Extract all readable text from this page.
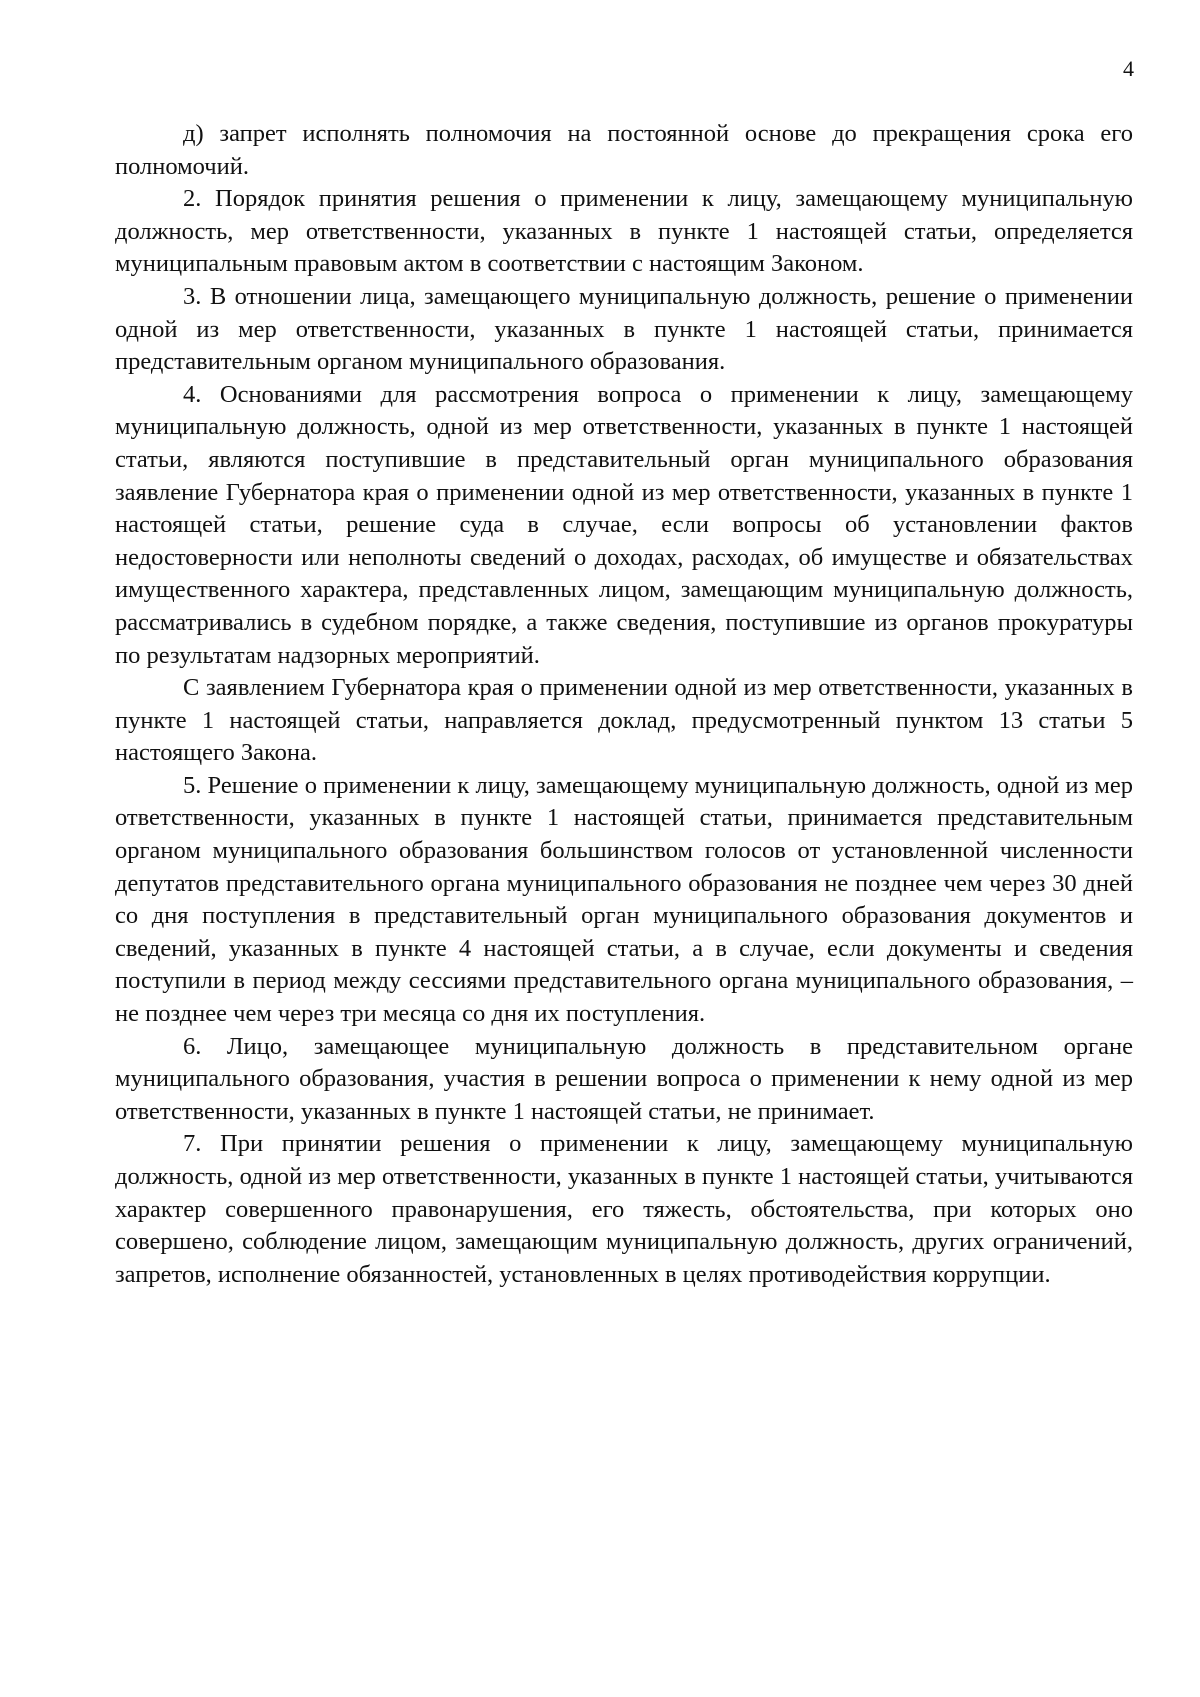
4

д) запрет исполнять полномочия на постоянной основе до прекращения срока его полномочий.

2. Порядок принятия решения о применении к лицу, замещающему муниципальную должность, мер ответственности, указанных в пункте 1 настоящей статьи, определяется муниципальным правовым актом в соответствии с настоящим Законом.

3. В отношении лица, замещающего муниципальную должность, решение о применении одной из мер ответственности, указанных в пункте 1 настоящей статьи, принимается представительным органом муниципального образования.

4. Основаниями для рассмотрения вопроса о применении к лицу, замещающему муниципальную должность, одной из мер ответственности, указанных в пункте 1 настоящей статьи, являются поступившие в представительный орган муниципального образования заявление Губернатора края о применении одной из мер ответственности, указанных в пункте 1 настоящей статьи, решение суда в случае, если вопросы об установлении фактов недостоверности или неполноты сведений о доходах, расходах, об имуществе и обязательствах имущественного характера, представленных лицом, замещающим муниципальную должность, рассматривались в судебном порядке, а также сведения, поступившие из органов прокуратуры по результатам надзорных мероприятий.

С заявлением Губернатора края о применении одной из мер ответственности, указанных в пункте 1 настоящей статьи, направляется доклад, предусмотренный пунктом 13 статьи 5 настоящего Закона.

5. Решение о применении к лицу, замещающему муниципальную должность, одной из мер ответственности, указанных в пункте 1 настоящей статьи, принимается представительным органом муниципального образования большинством голосов от установленной численности депутатов представительного органа муниципального образования не позднее чем через 30 дней со дня поступления в представительный орган муниципального образования документов и сведений, указанных в пункте 4 настоящей статьи, а в случае, если документы и сведения поступили в период между сессиями представительного органа муниципального образования, – не позднее чем через три месяца со дня их поступления.

6. Лицо, замещающее муниципальную должность в представительном органе муниципального образования, участия в решении вопроса о применении к нему одной из мер ответственности, указанных в пункте 1 настоящей статьи, не принимает.

7. При принятии решения о применении к лицу, замещающему муниципальную должность, одной из мер ответственности, указанных в пункте 1 настоящей статьи, учитываются характер совершенного правонарушения, его тяжесть, обстоятельства, при которых оно совершено, соблюдение лицом, замещающим муниципальную должность, других ограничений, запретов, исполнение обязанностей, установленных в целях противодействия коррупции.
